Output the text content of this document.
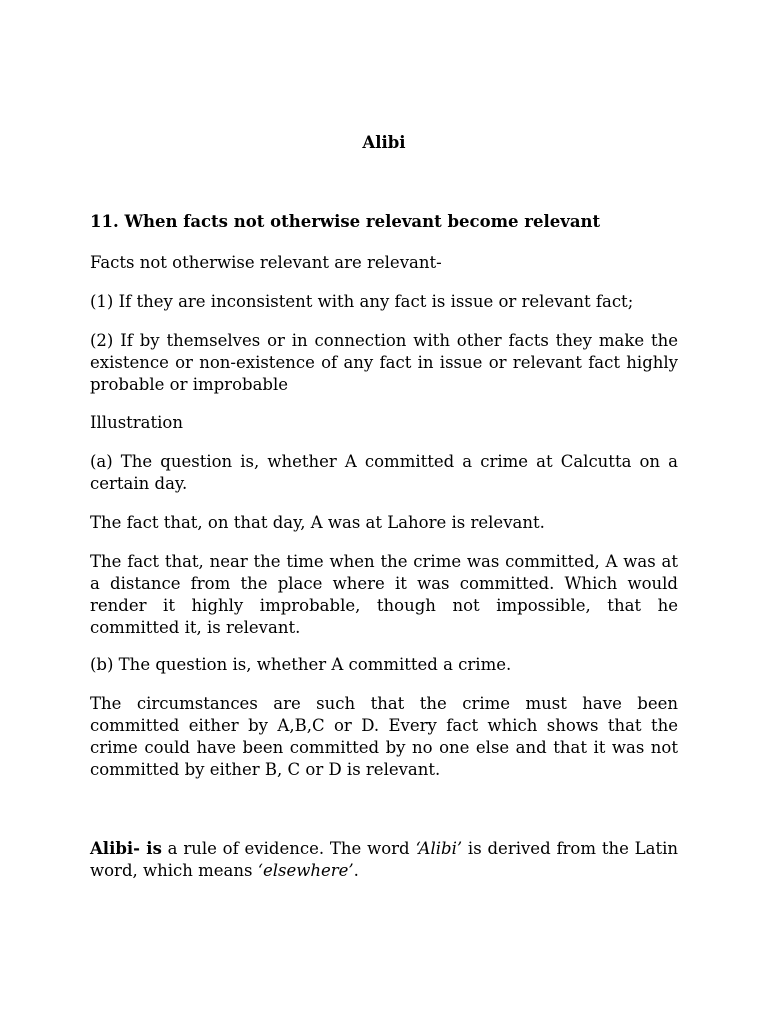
Alibi

11. When facts not otherwise relevant become relevant

Facts not otherwise relevant are relevant-

(1) If they are inconsistent with any fact is issue or relevant fact;

(2) If by themselves or in connection with other facts they make the existence or non-existence of any fact in issue or relevant fact highly probable or improbable

Illustration

(a) The question is, whether A committed a crime at Calcutta on a certain day.

The fact that, on that day, A was at Lahore is relevant.

The fact that, near the time when the crime was committed, A was at a distance from the place where it was committed. Which would render it highly improbable, though not impossible, that he committed it, is relevant.

(b) The question is, whether A committed a crime.

The circumstances are such that the crime must have been committed either by A,B,C or D. Every fact which shows that the crime could have been committed by no one else and that it was not committed by either B, C or D is relevant.

Alibi- is a rule of evidence. The word ‘Alibi’ is derived from the Latin word, which means ‘elsewhere’.
